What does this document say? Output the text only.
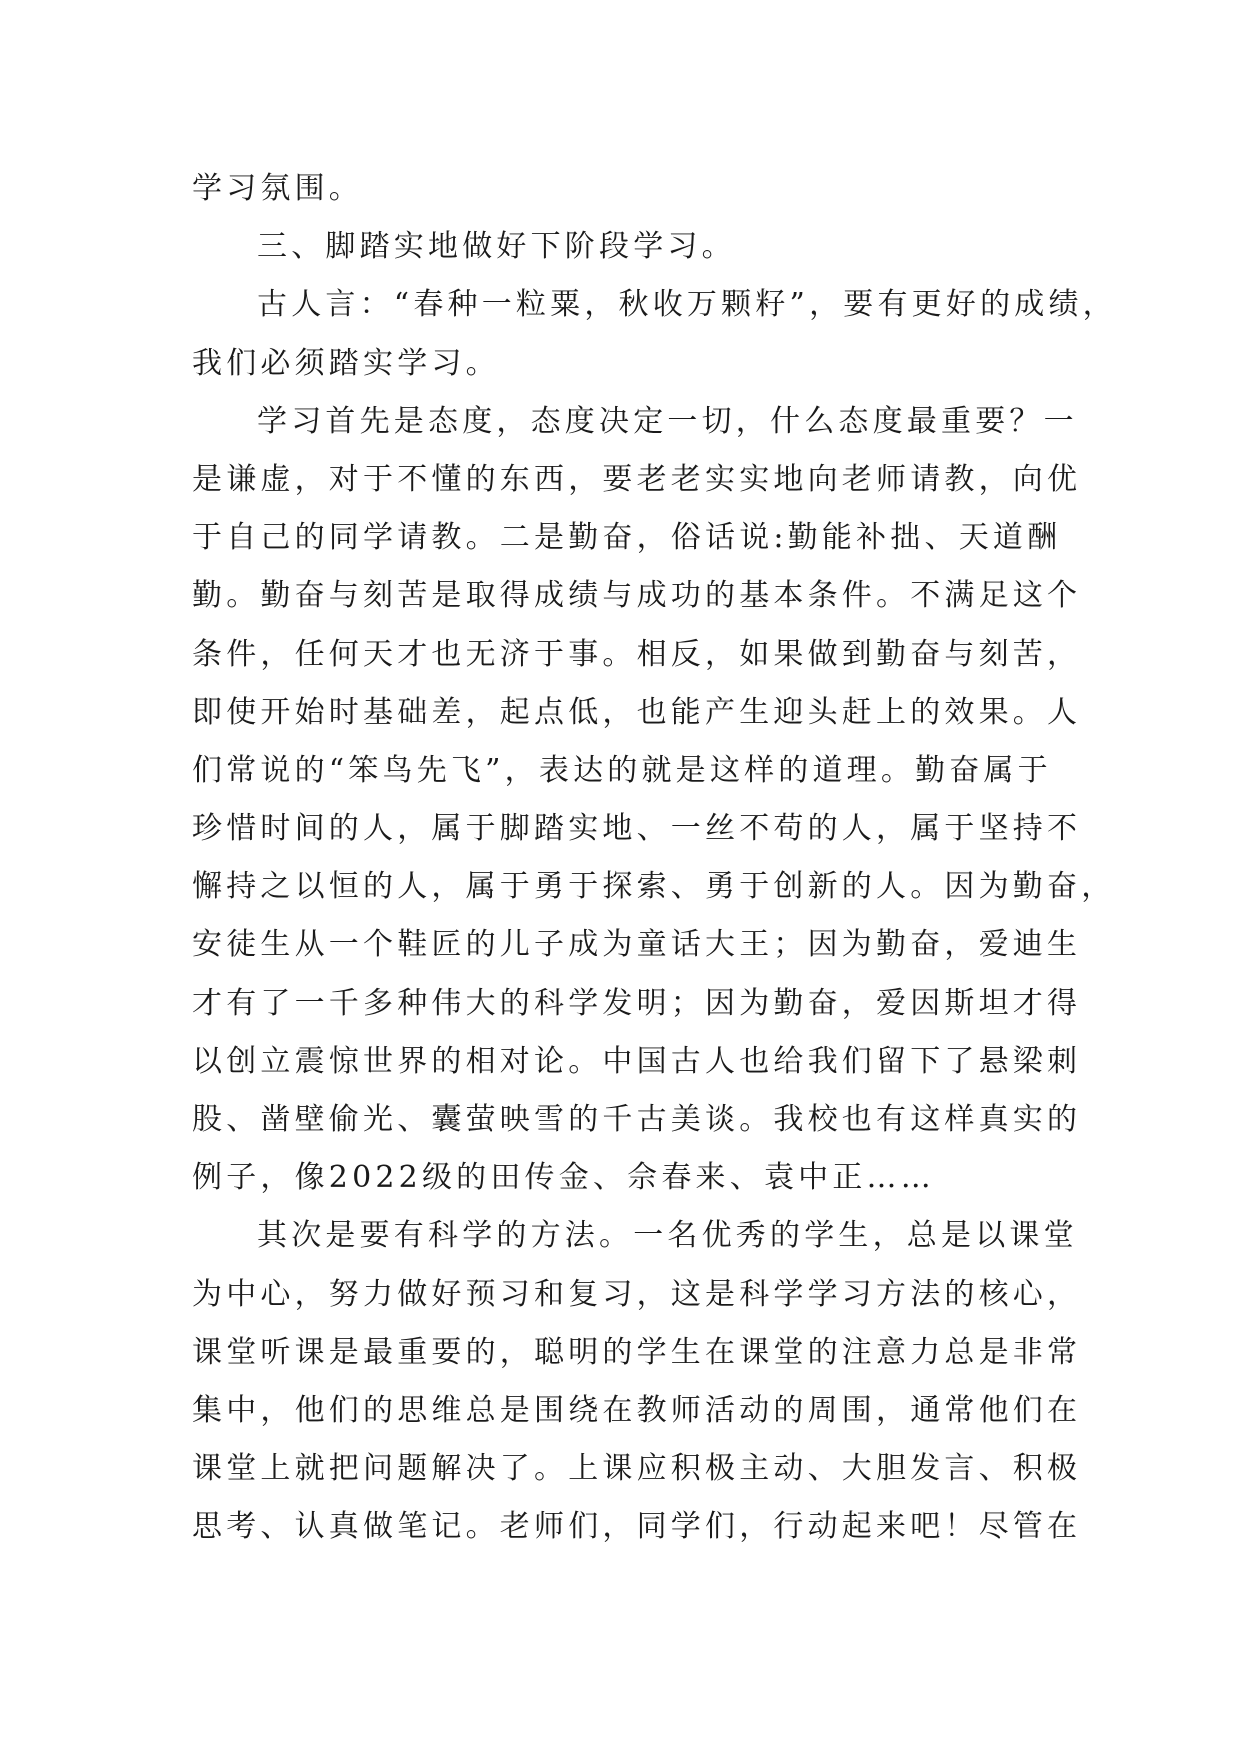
学习氛围。
三、脚踏实地做好下阶段学习。
古人言：“春种一粒粟，秋收万颗籽”，要有更好的成绩，
我们必须踏实学习。
学习首先是态度，态度决定一切，什么态度最重要？一
是谦虚，对于不懂的东西，要老老实实地向老师请教，向优
于自己的同学请教。二是勤奋，俗话说:勤能补拙、天道酬
勤。勤奋与刻苦是取得成绩与成功的基本条件。不满足这个
条件，任何天才也无济于事。相反，如果做到勤奋与刻苦，
即使开始时基础差，起点低，也能产生迎头赶上的效果。人
们常说的“笨鸟先飞”，表达的就是这样的道理。勤奋属于
珍惜时间的人，属于脚踏实地、一丝不苟的人，属于坚持不
懈持之以恒的人，属于勇于探索、勇于创新的人。因为勤奋，
安徒生从一个鞋匠的儿子成为童话大王；因为勤奋，爱迪生
才有了一千多种伟大的科学发明；因为勤奋，爱因斯坦才得
以创立震惊世界的相对论。中国古人也给我们留下了悬梁刺
股、凿壁偷光、囊萤映雪的千古美谈。我校也有这样真实的
例子，像2022级的田传金、佘春来、袁中正……
其次是要有科学的方法。一名优秀的学生，总是以课堂
为中心，努力做好预习和复习，这是科学学习方法的核心，
课堂听课是最重要的，聪明的学生在课堂的注意力总是非常
集中，他们的思维总是围绕在教师活动的周围，通常他们在
课堂上就把问题解决了。上课应积极主动、大胆发言、积极
思考、认真做笔记。老师们，同学们，行动起来吧！尽管在
